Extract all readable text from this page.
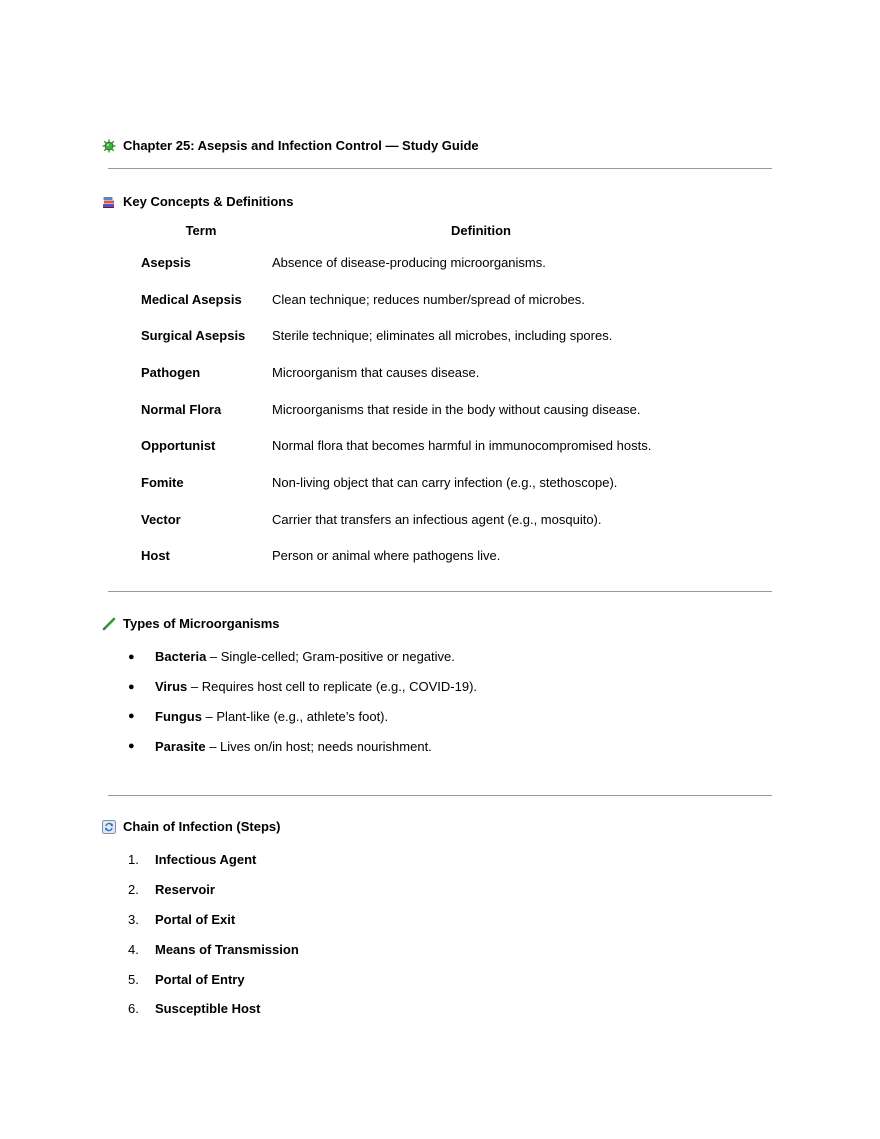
Chapter 25: Asepsis and Infection Control — Study Guide
Key Concepts & Definitions
Term	Definition
Asepsis	Absence of disease-producing microorganisms.
Medical Asepsis	Clean technique; reduces number/spread of microbes.
Surgical Asepsis	Sterile technique; eliminates all microbes, including spores.
Pathogen	Microorganism that causes disease.
Normal Flora	Microorganisms that reside in the body without causing disease.
Opportunist	Normal flora that becomes harmful in immunocompromised hosts.
Fomite	Non-living object that can carry infection (e.g., stethoscope).
Vector	Carrier that transfers an infectious agent (e.g., mosquito).
Host	Person or animal where pathogens live.
Types of Microorganisms
●	Bacteria – Single-celled; Gram-positive or negative.
●	Virus – Requires host cell to replicate (e.g., COVID-19).
●	Fungus – Plant-like (e.g., athlete’s foot).
●	Parasite – Lives on/in host; needs nourishment.
Chain of Infection (Steps)
1.	Infectious Agent
2.	Reservoir
3.	Portal of Exit
4.	Means of Transmission
5.	Portal of Entry
6.	Susceptible Host
